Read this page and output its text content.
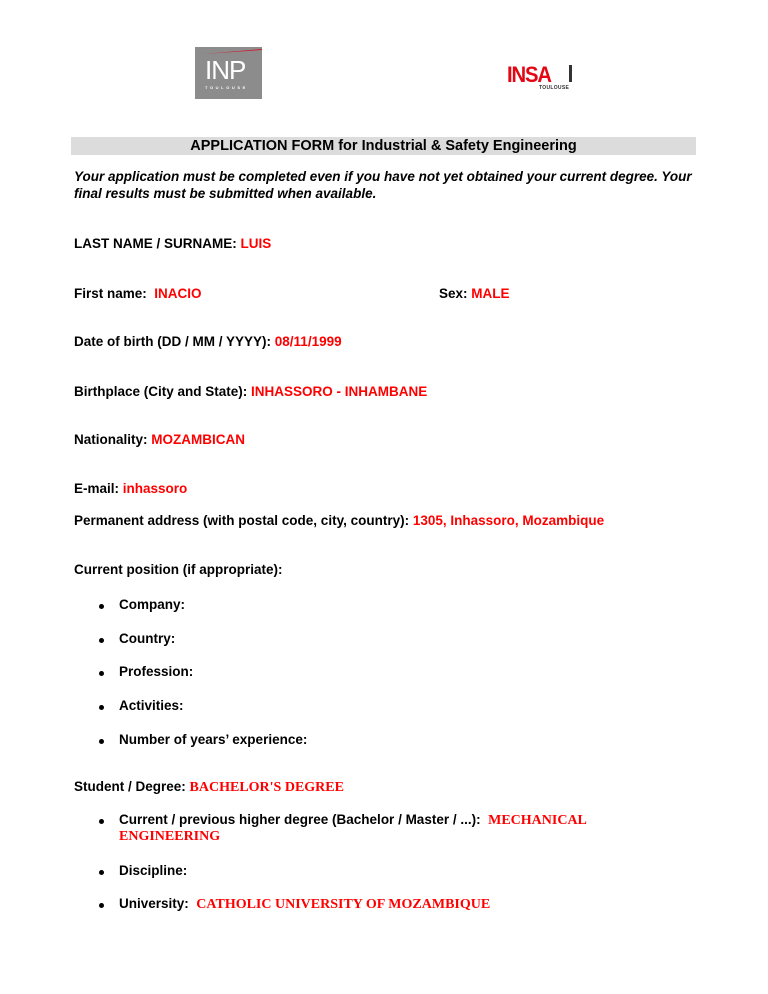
INP
TOULOUSE
INSA
TOULOUSE
APPLICATION FORM for Industrial & Safety Engineering
Your application must be completed even if you have not yet obtained your current degree. Your final results must be submitted when available.
LAST NAME / SURNAME: LUIS
First name: INACIO	Sex: MALE
Date of birth (DD / MM / YYYY): 08/11/1999
Birthplace (City and State): INHASSORO - INHAMBANE
Nationality: MOZAMBICAN
E-mail: inhassoro
Permanent address (with postal code, city, country): 1305, Inhassoro, Mozambique
Current position (if appropriate):
Company:
Country:
Profession:
Activities:
Number of years’ experience:
Student / Degree: BACHELOR'S DEGREE
Current / previous higher degree (Bachelor / Master / ...): MECHANICAL
ENGINEERING
Discipline:
University: CATHOLIC UNIVERSITY OF MOZAMBIQUE
